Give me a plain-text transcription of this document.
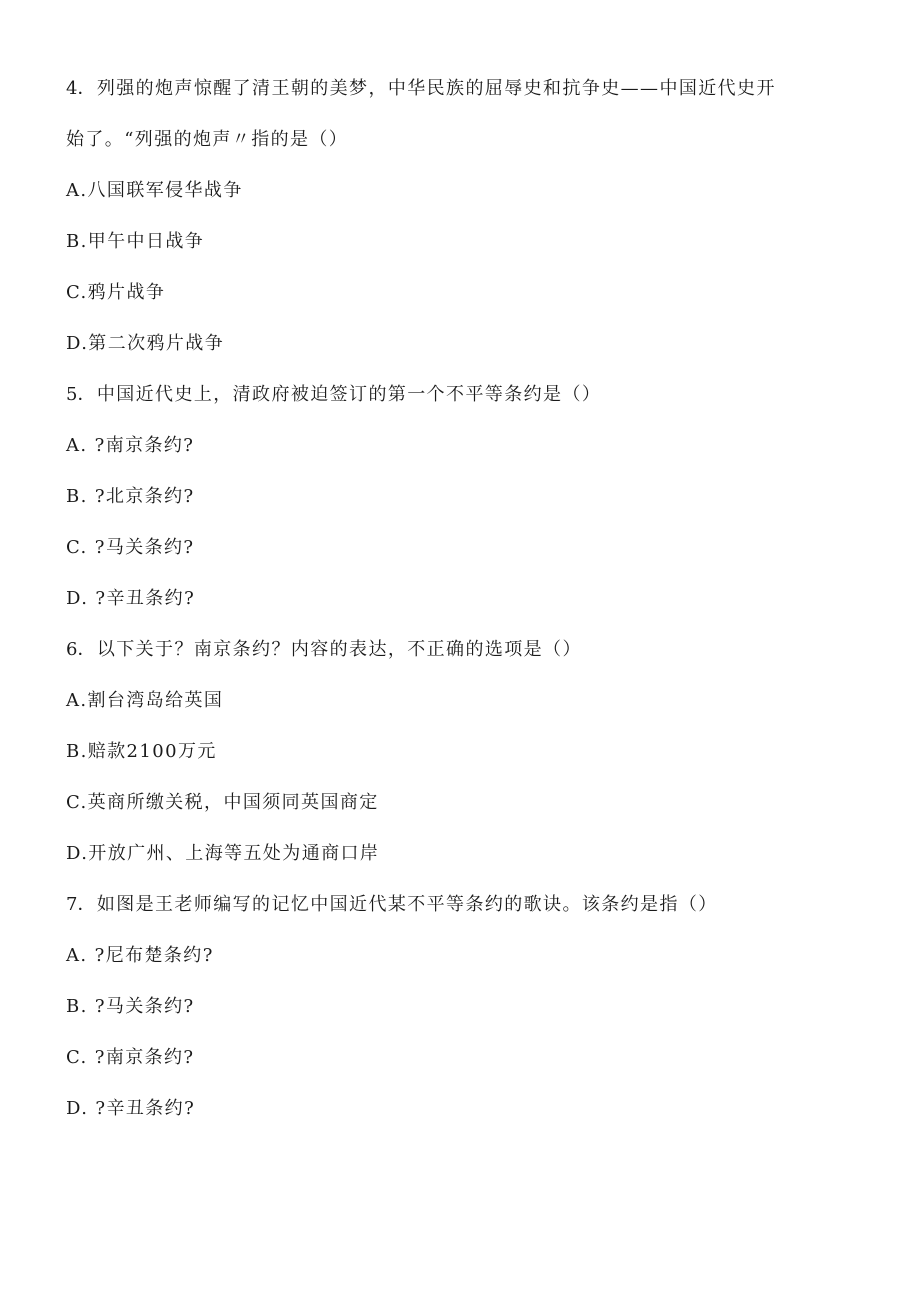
4．列强的炮声惊醒了清王朝的美梦，中华民族的屈辱史和抗争史——中国近代史开
始了。“列强的炮声〃指的是（）
A.八国联军侵华战争
B.甲午中日战争
C.鸦片战争
D.第二次鸦片战争
5．中国近代史上，清政府被迫签订的第一个不平等条约是（）
A. ?南京条约?
B. ?北京条约?
C. ?马关条约?
D. ?辛丑条约?
6．以下关于？南京条约？内容的表达，不正确的选项是（）
A.割台湾岛给英国
B.赔款2100万元
C.英商所缴关税，中国须同英国商定
D.开放广州、上海等五处为通商口岸
7．如图是王老师编写的记忆中国近代某不平等条约的歌诀。该条约是指（）
A. ?尼布楚条约?
B. ?马关条约?
C. ?南京条约?
D. ?辛丑条约?
